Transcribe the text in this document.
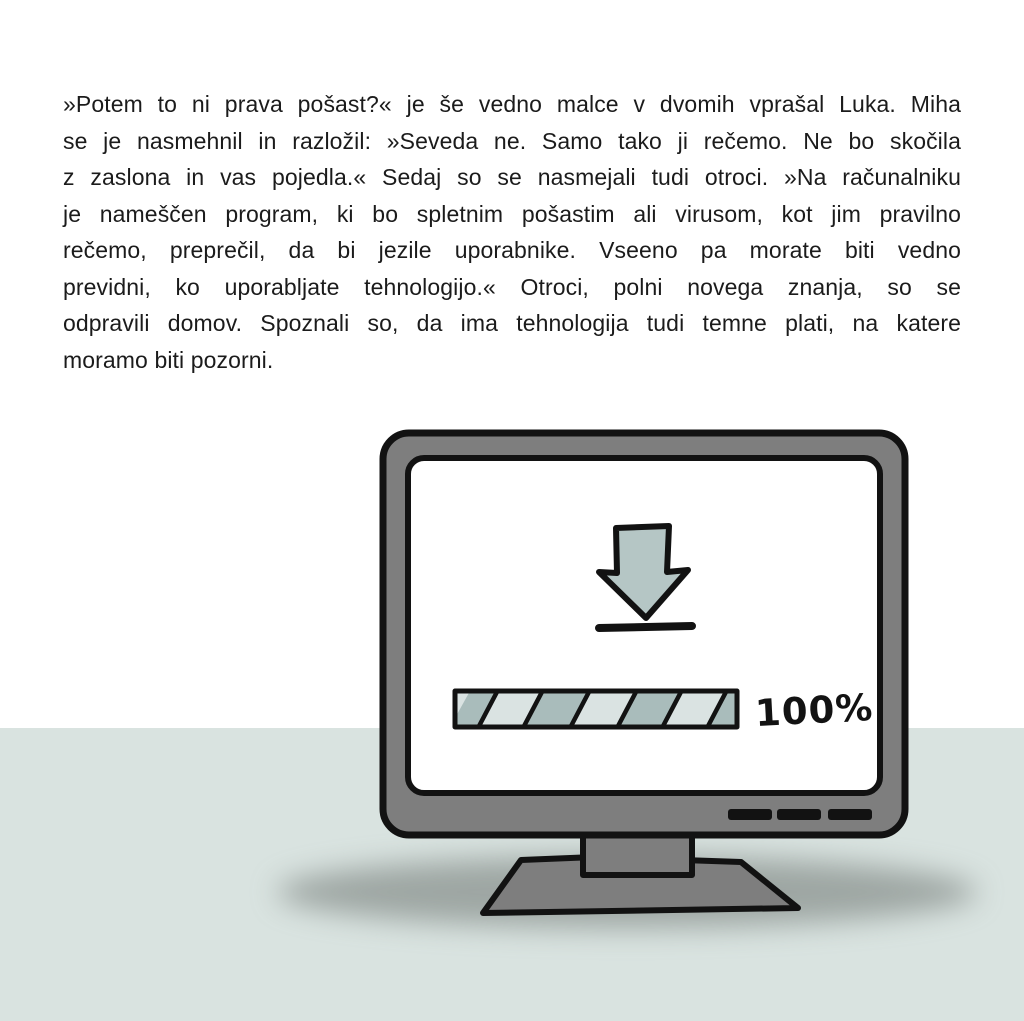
»Potem to ni prava pošast?« je še vedno malce v dvomih vprašal Luka. Miha
se je nasmehnil in razložil: »Seveda ne. Samo tako ji rečemo. Ne bo skočila
z zaslona in vas pojedla.« Sedaj so se nasmejali tudi otroci. »Na računalniku
je nameščen program, ki bo spletnim pošastim ali virusom, kot jim pravilno
rečemo, preprečil, da bi jezile uporabnike. Vseeno pa morate biti vedno
previdni, ko uporabljate tehnologijo.« Otroci, polni novega znanja, so se
odpravili domov. Spoznali so, da ima tehnologija tudi temne plati, na katere
moramo biti pozorni.
100%
